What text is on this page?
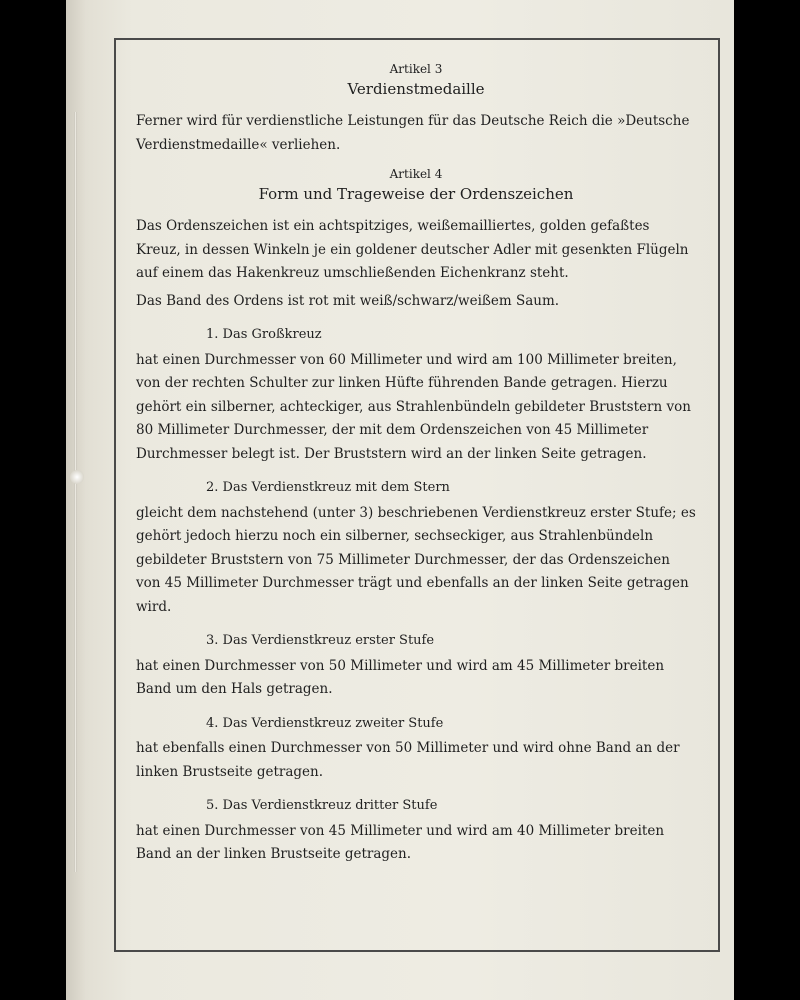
Artikel 3

Verdienstmedaille

Ferner wird für verdienstliche Leistungen für das Deutsche Reich die »Deutsche Verdienstmedaille« verliehen.

Artikel 4

Form und Trageweise der Ordenszeichen

Das Ordenszeichen ist ein achtspitziges, weißemailliertes, golden gefaßtes Kreuz, in dessen Winkeln je ein goldener deutscher Adler mit gesenkten Flügeln auf einem das Hakenkreuz umschließenden Eichenkranz steht.

Das Band des Ordens ist rot mit weiß/schwarz/weißem Saum.

1. Das Großkreuz

hat einen Durchmesser von 60 Millimeter und wird am 100 Millimeter breiten, von der rechten Schulter zur linken Hüfte führenden Bande getragen. Hierzu gehört ein silberner, achteckiger, aus Strahlenbündeln gebildeter Bruststern von 80 Millimeter Durchmesser, der mit dem Ordenszeichen von 45 Millimeter Durchmesser belegt ist. Der Bruststern wird an der linken Seite getragen.

2. Das Verdienstkreuz mit dem Stern

gleicht dem nachstehend (unter 3) beschriebenen Verdienstkreuz erster Stufe; es gehört jedoch hierzu noch ein silberner, sechseckiger, aus Strahlenbündeln gebildeter Bruststern von 75 Millimeter Durchmesser, der das Ordenszeichen von 45 Millimeter Durchmesser trägt und ebenfalls an der linken Seite getragen wird.

3. Das Verdienstkreuz erster Stufe

hat einen Durchmesser von 50 Millimeter und wird am 45 Millimeter breiten Band um den Hals getragen.

4. Das Verdienstkreuz zweiter Stufe

hat ebenfalls einen Durchmesser von 50 Millimeter und wird ohne Band an der linken Brustseite getragen.

5. Das Verdienstkreuz dritter Stufe

hat einen Durchmesser von 45 Millimeter und wird am 40 Millimeter breiten Band an der linken Brustseite getragen.
